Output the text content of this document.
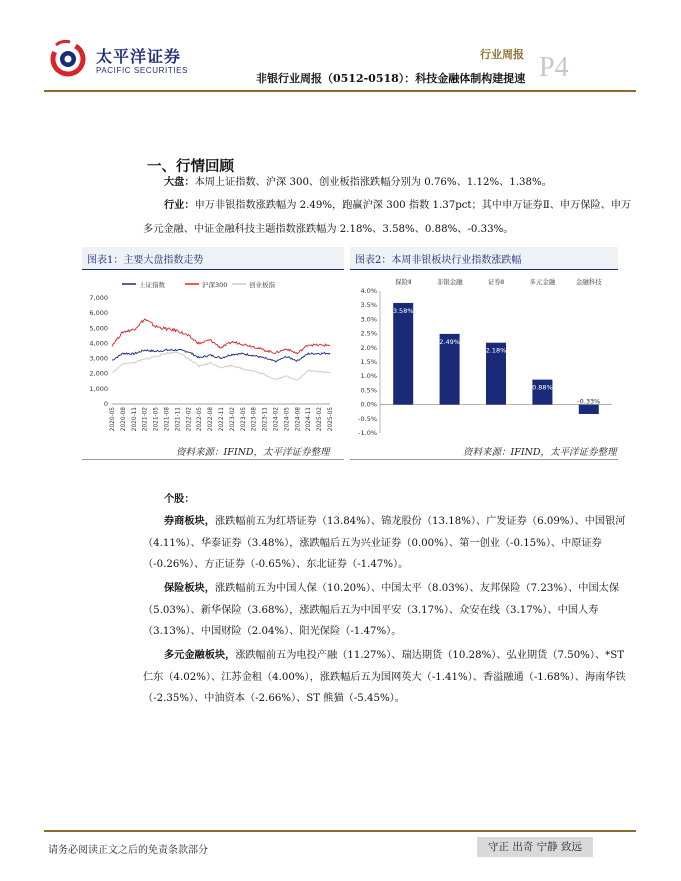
太平洋证券
PACIFIC SECURITIES
行业周报 P4
非银行业周报（0512-0518）：科技金融体制构建提速
一、行情回顾
大盘：本周上证指数、沪深 300、创业板指涨跌幅分别为 0.76%、1.12%、1.38%。
行业：申万非银指数涨跌幅为 2.49%，跑赢沪深 300 指数 1.37pct；其中申万证券Ⅱ、申万保险、申万多元金融、中证金融科技主题指数涨跌幅为 2.18%、3.58%、0.88%、-0.33%。
图表1：主要大盘指数走势
上证指数	沪深300	创业板指
7,000
6,000
5,000
4,000
3,000
2,000
1,000
0
2020-05 2020-08 2020-11 2021-02 2021-05 2021-08 2021-11 2022-02 2022-05 2022-08 2022-11 2023-02 2023-05 2023-08 2023-11 2024-02 2024-05 2024-08 2024-11 2025-02 2025-05
资料来源：IFIND，太平洋证券整理
图表2：本周非银板块行业指数涨跌幅
4.0%
3.5%
3.0%
2.5%
2.0%
1.5%
1.0%
0.5%
0.0%
-0.5%
-1.0%
保险Ⅱ
3.58%
非银金融
2.49%
证券Ⅱ
2.18%
多元金融
0.88%
金融科技
-0.33%
资料来源：IFIND，太平洋证券整理
个股：
券商板块，涨跌幅前五为红塔证券（13.84%）、锦龙股份（13.18%）、广发证券（6.09%）、中国银河（4.11%）、华泰证券（3.48%），涨跌幅后五为兴业证券（0.00%）、第一创业（-0.15%）、中原证券（-0.26%）、方正证券（-0.65%）、东北证券（-1.47%）。
保险板块，涨跌幅前五为中国人保（10.20%）、中国太平（8.03%）、友邦保险（7.23%）、中国太保（5.03%）、新华保险（3.68%），涨跌幅后五为中国平安（3.17%）、众安在线（3.17%）、中国人寿（3.13%）、中国财险（2.04%）、阳光保险（-1.47%）。
多元金融板块，涨跌幅前五为电投产融（11.27%）、瑞达期货（10.28%）、弘业期货（7.50%）、*ST 仁东（4.02%）、江苏金租（4.00%），涨跌幅后五为国网英大（-1.41%）、香溢融通（-1.68%）、海南华铁（-2.35%）、中油资本（-2.66%）、ST 熊猫（-5.45%）。
请务必阅读正文之后的免责条款部分	守正 出奇 宁静 致远
